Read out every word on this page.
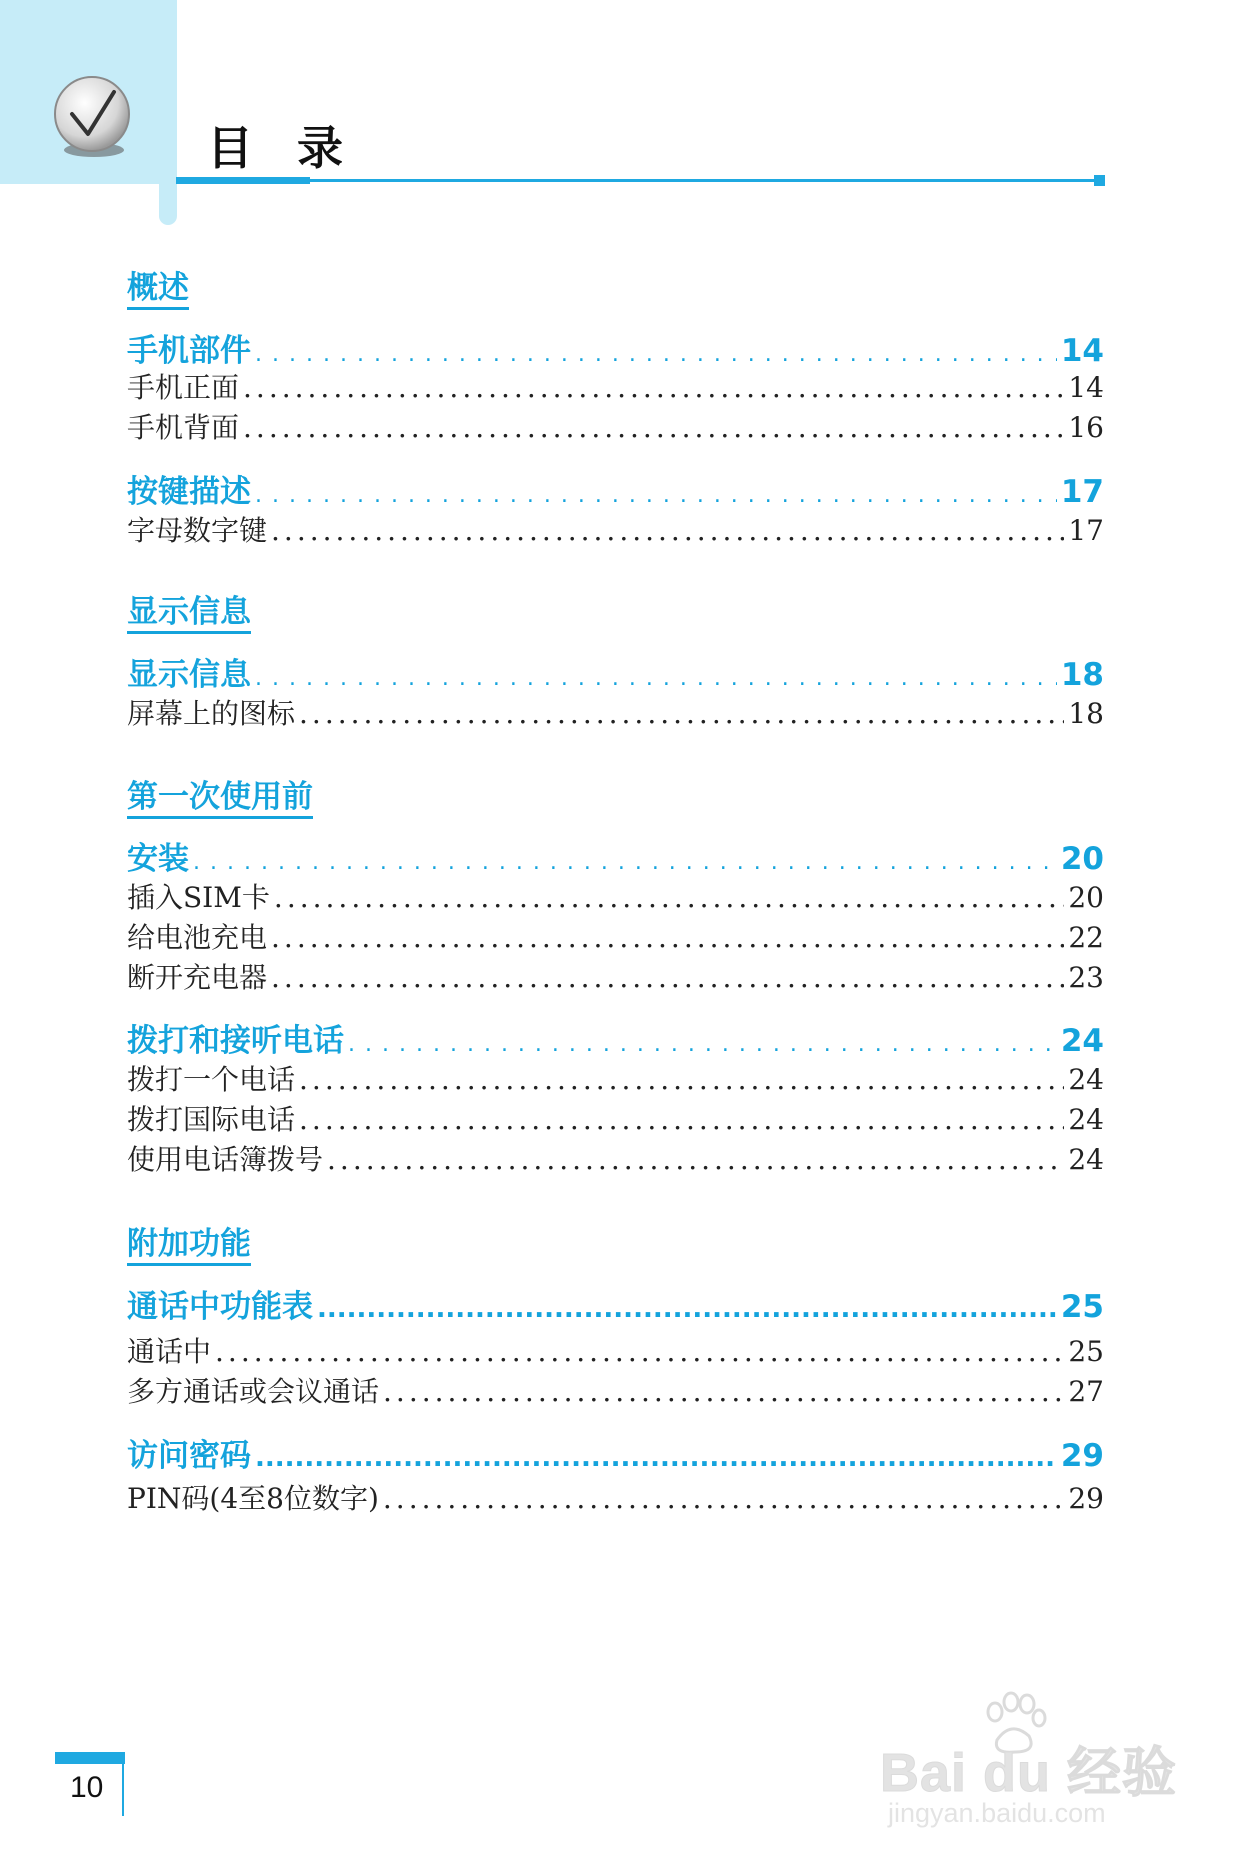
目 录
概述
手机部件 .....	14
手机正面 .....	14
手机背面 .....	16
按键描述 .....	17
字母数字键 .....	17
显示信息
显示信息 .....	18
屏幕上的图标 .....	18
第一次使用前
安装 .....	20
插入SIM卡 .....	20
给电池充电 .....	22
断开充电器 .....	23
拨打和接听电话 .....	24
拨打一个电话 .....	24
拨打国际电话 .....	24
使用电话簿拨号 .....	24
附加功能
通话中功能表 .....	25
通话中 .....	25
多方通话或会议通话 .....	27
访问密码 .....	29
PIN码(4至8位数字) .....	29
10	Bai du 经验
jingyan.baidu.com
